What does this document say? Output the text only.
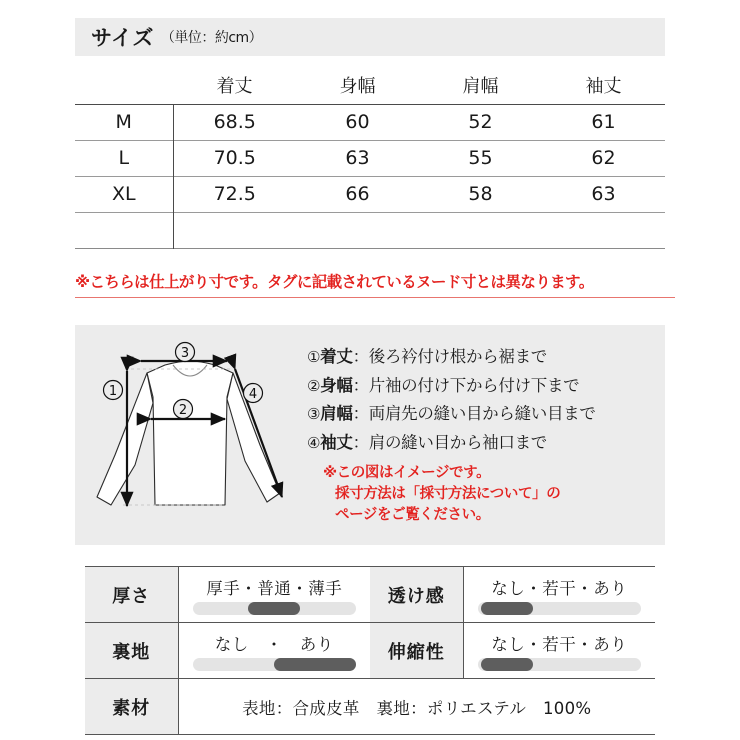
サイズ （単位：約cm）
	着丈	身幅	肩幅	袖丈
M	68.5	60	52	61
L	70.5	63	55	62
XL	72.5	66	58	63

※こちらは仕上がり寸です。タグに記載されているヌード寸とは異なります。
3
1
2
4
①着丈：後ろ衿付け根から裾まで
②身幅：片袖の付け下から付け下まで
③肩幅：両肩先の縫い目から縫い目まで
④袖丈：肩の縫い目から袖口まで
※この図はイメージです。
採寸方法は「採寸方法について」の
ページをご覧ください。
厚さ	厚手・普通・薄手	透け感	なし・若干・あり

裏地	なし　・　あり	伸縮性	なし・若干・あり

素材	表地：合成皮革　裏地：ポリエステル　100%		
